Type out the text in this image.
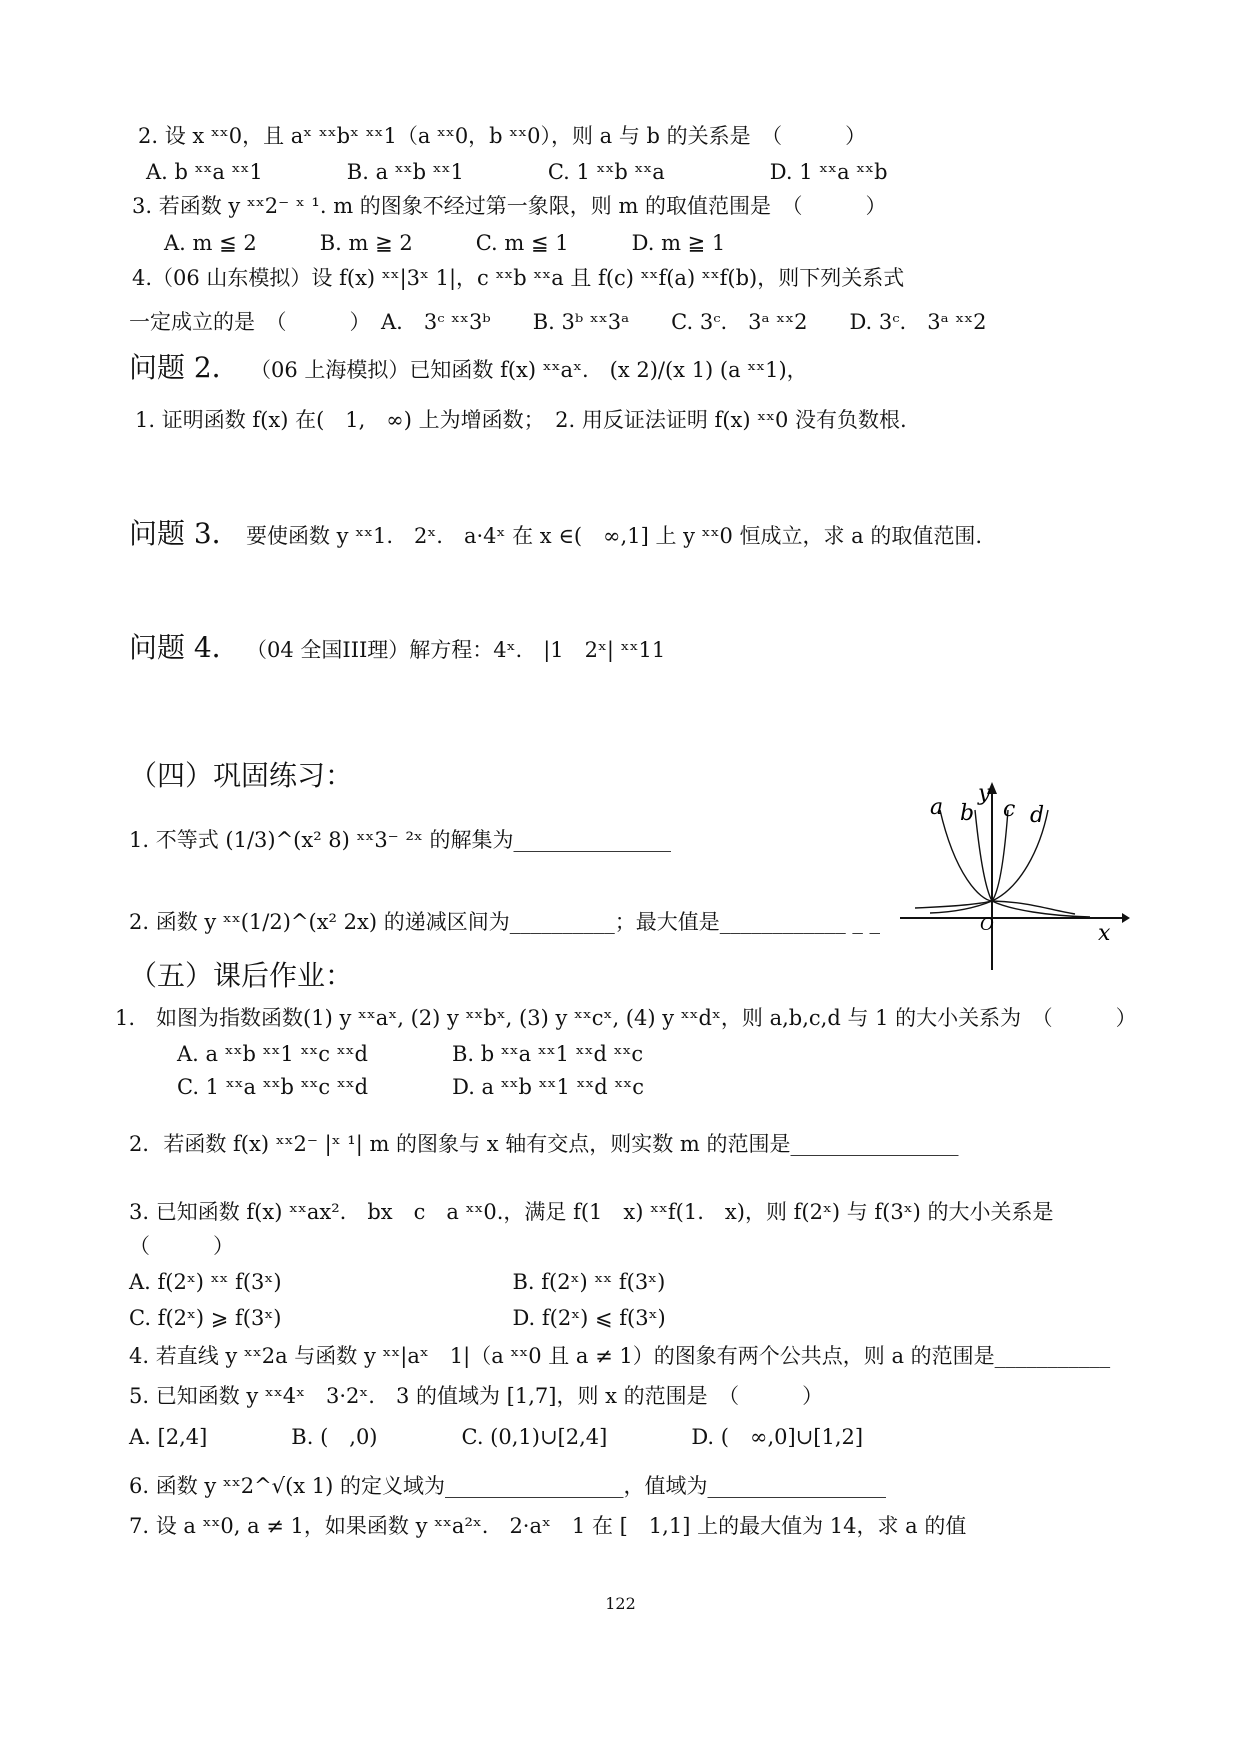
2. 设 x ˣˣ0，且 aˣ ˣˣbˣ ˣˣ1（a ˣˣ0，b ˣˣ0），则 a 与 b 的关系是　（　　　）
A. b ˣˣa ˣˣ1　　　　B. a ˣˣb ˣˣ1　　　　C. 1 ˣˣb ˣˣa　　　　　D. 1 ˣˣa ˣˣb
3. 若函数 y ˣˣ2⁻ ˣ ¹. m 的图象不经过第一象限，则 m 的取值范围是　（　　　）
A. m ≦ 2　　　B. m ≧ 2　　　C. m ≦ 1　　　D. m ≧ 1
4.（06 山东模拟）设 f(x) ˣˣ|3ˣ 1|，c ˣˣb ˣˣa 且 f(c) ˣˣf(a) ˣˣf(b)，则下列关系式
一定成立的是　（　　　）　A.　3ᶜ ˣˣ3ᵇ　　B. 3ᵇ ˣˣ3ᵃ　　C. 3ᶜ.　3ᵃ ˣˣ2　　D. 3ᶜ.　3ᵃ ˣˣ2
问题 2． （06 上海模拟）已知函数 f(x) ˣˣaˣ.　(x 2)/(x 1) (a ˣˣ1)，
1. 证明函数 f(x) 在(　1,　∞) 上为增函数；　2. 用反证法证明 f(x) ˣˣ0 没有负数根.
问题 3． 要使函数 y ˣˣ1.　2ˣ.　a·4ˣ 在 x ∈(　∞,1] 上 y ˣˣ0 恒成立，求 a 的取值范围.
问题 4． （04 全国III理）解方程：4ˣ.　|1　2ˣ| ˣˣ11
（四）巩固练习：
1. 不等式 (1/3)^(x² 8) ˣˣ3⁻ ²ˣ 的解集为_______________
2. 函数 y ˣˣ(1/2)^(x² 2x) 的递减区间为__________；最大值是____________ _ _
a b c d
y
x
O
（五）课后作业：
1.　如图为指数函数(1) y ˣˣaˣ, (2) y ˣˣbˣ, (3) y ˣˣcˣ, (4) y ˣˣdˣ，则 a,b,c,d 与 1 的大小关系为　（　　　）
A. a ˣˣb ˣˣ1 ˣˣc ˣˣd　　　　B. b ˣˣa ˣˣ1 ˣˣd ˣˣc
C. 1 ˣˣa ˣˣb ˣˣc ˣˣd　　　　D. a ˣˣb ˣˣ1 ˣˣd ˣˣc
2．若函数 f(x) ˣˣ2⁻ |ˣ ¹| m 的图象与 x 轴有交点，则实数 m 的范围是________________
3. 已知函数 f(x) ˣˣax².　bx　c　a ˣˣ0.，满足 f(1　x) ˣˣf(1.　x)，则 f(2ˣ) 与 f(3ˣ) 的大小关系是
（　　　）
A. f(2ˣ) ˣˣ f(3ˣ)　　　　　　　　　　　B. f(2ˣ) ˣˣ f(3ˣ)
C. f(2ˣ) ⩾ f(3ˣ)　　　　　　　　　　　D. f(2ˣ) ⩽ f(3ˣ)
4. 若直线 y ˣˣ2a 与函数 y ˣˣ|aˣ　1|（a ˣˣ0 且 a ≠ 1）的图象有两个公共点，则 a 的范围是___________
5. 已知函数 y ˣˣ4ˣ　3·2ˣ.　3 的值域为 [1,7]，则 x 的范围是　（　　　）
A. [2,4]　　　　B. (　,0)　　　　C. (0,1)∪[2,4]　　　　D. (　∞,0]∪[1,2]
6. 函数 y ˣˣ2^√(x 1) 的定义域为_________________，值域为_________________
7. 设 a ˣˣ0, a ≠ 1，如果函数 y ˣˣa²ˣ.　2·aˣ　1 在 [　1,1] 上的最大值为 14，求 a 的值
122
